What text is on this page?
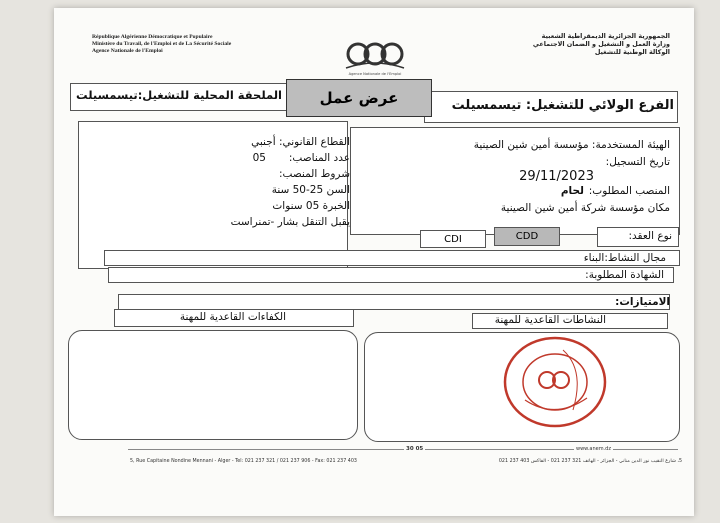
République Algérienne Démocratique et Populaire
Ministère du Travail, de l'Emploi et de La Sécurité Sociale
Agence Nationale de l'Emploi
Agence Nationale de l'Emploi
الجمهورية الجزائرية الديمقراطية الشعبية
وزارة العمل و التشغيل و الضمان الاجتماعي
الوكالة الوطنية للتشغيل
الملحقة المحلية للتشغيل:تيسمسيلت
الفرع الولائي للتشغيل: تيسمسيلت
عرض عمل
القطاع القانوني: أجنبي
عدد المناصب:
05
شروط المنصب:
السن 25-50 سنة
الخبرة 05 سنوات
يقبل التنقل بشار -تمنراست
الهيئة المستخدمة: مؤسسة أمين شين الصينية
تاريخ التسجيل:
29/11/2023
المنصب المطلوب:
لحام
مكان مؤسسة شركة أمين شين الصينية
نوع العقد:
CDI	CDD
مجال النشاط:البناء
الشهادة المطلوبة:
الامتيازات:
الكفاءات القاعدية للمهنة	النشاطات القاعدية للمهنة
30 05	www.anem.dz
5, Rue Capitaine Nondine Mennani - Alger - Tel: 021 237 321 / 021 237 906 - Fax: 021 237 403	5، شارع النقيب نور الدين مناني - الجزائر - الهاتف 321 237 021 - الفاكس 403 237 021
